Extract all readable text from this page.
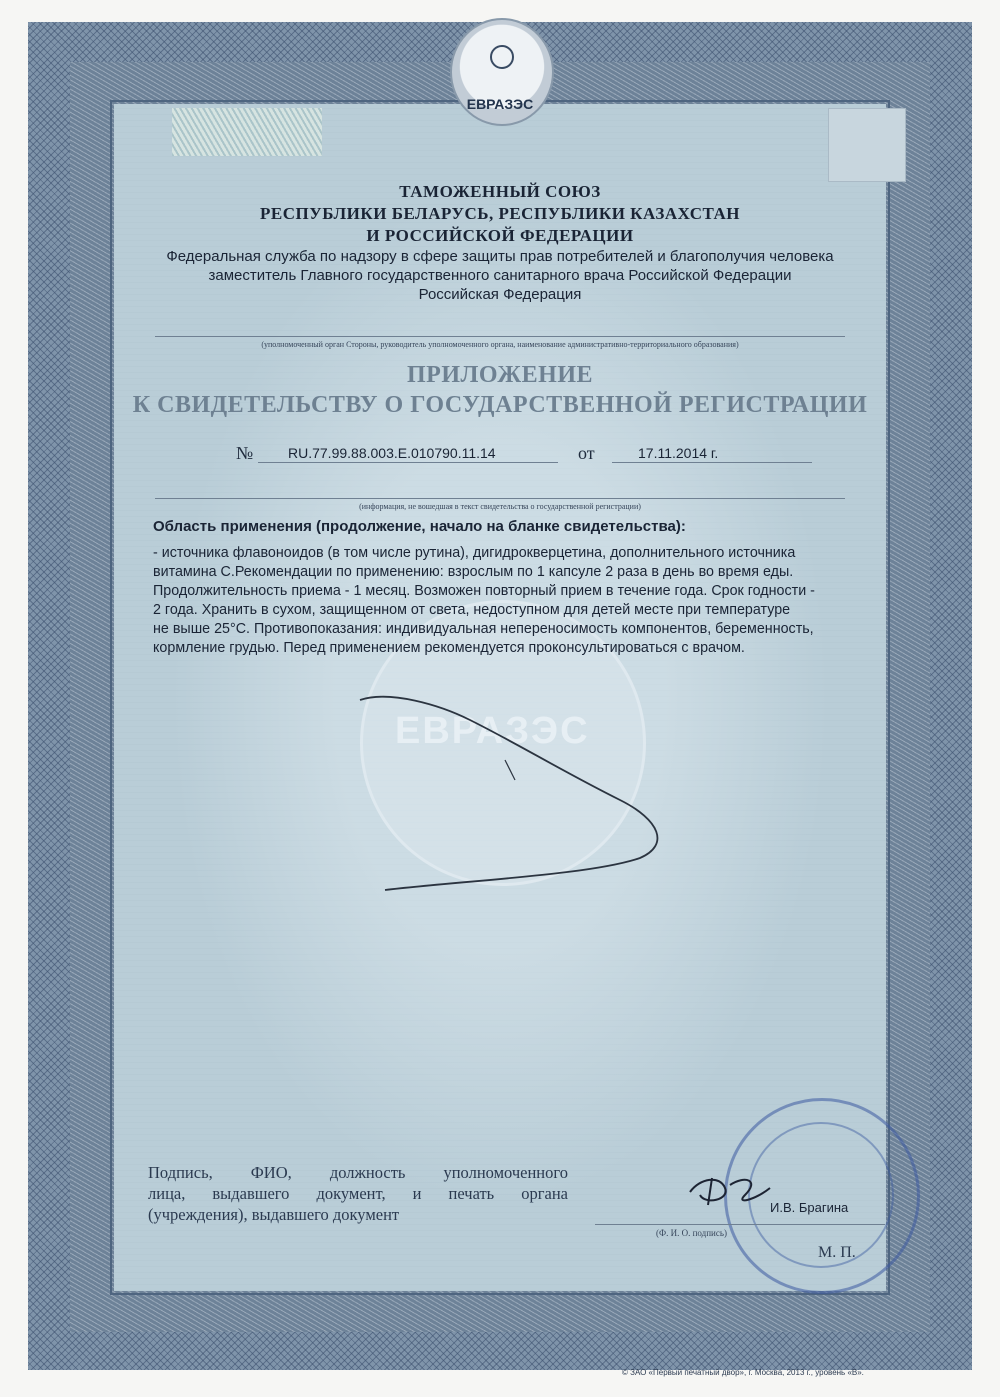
ЕВРАЗЭС
ЕВРАЗЭС
ТАМОЖЕННЫЙ СОЮЗ
РЕСПУБЛИКИ БЕЛАРУСЬ, РЕСПУБЛИКИ КАЗАХСТАН
И РОССИЙСКОЙ ФЕДЕРАЦИИ
Федеральная служба по надзору в сфере защиты прав потребителей и благополучия человека
заместитель Главного государственного санитарного врача Российской Федерации
Российская Федерация
(уполномоченный орган Стороны, руководитель уполномоченного органа, наименование административно-территориального образования)
ПРИЛОЖЕНИЕ
К СВИДЕТЕЛЬСТВУ О ГОСУДАРСТВЕННОЙ РЕГИСТРАЦИИ
№ RU.77.99.88.003.E.010790.11.14	от	17.11.2014 г.
(информация, не вошедшая в текст свидетельства о государственной регистрации)
Область применения (продолжение, начало на бланке свидетельства):
- источника флавоноидов (в том числе рутина), дигидрокверцетина, дополнительного источника
витамина С.Рекомендации по применению: взрослым по 1 капсуле 2 раза в день во время еды.
Продолжительность приема - 1 месяц. Возможен повторный прием в течение года. Срок годности -
2 года. Хранить в сухом, защищенном от света, недоступном для детей месте при температуре
не выше 25°С. Противопоказания: индивидуальная непереносимость компонентов, беременность,
кормление грудью. Перед применением рекомендуется проконсультироваться с врачом.
Подпись, ФИО, должность уполномоченного
лица, выдавшего документ, и печать органа
(учреждения), выдавшего документ	И.В. Брагина
(Ф. И. О. подпись)
М. П.
© ЗАО «Первый печатный двор», г. Москва, 2013 г., уровень «В».
